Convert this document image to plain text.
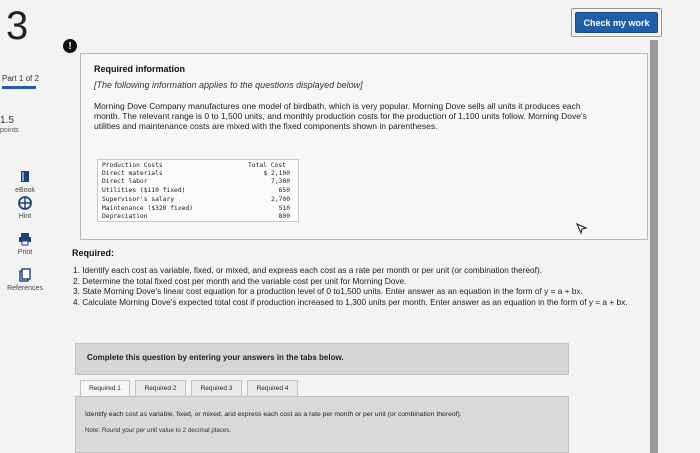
3
Part 1 of 2
1.5
points
eBook
Hint
Print
References
Check my work
!
Required information
[The following information applies to the questions displayed below]
Morning Dove Company manufactures one model of birdbath, which is very popular. Morning Dove sells all units it produces each month. The relevant range is 0 to 1,500 units, and monthly production costs for the production of 1,100 units follow. Morning Dove's utilities and maintenance costs are mixed with the fixed components shown in parentheses.
Production Costs	Total Cost
Direct materials	$ 2,100
Direct labor	7,300
Utilities ($110 fixed)	650
Supervisor's salary	2,700
Maintenance ($320 fixed)	510
Depreciation	800
Required:
1. Identify each cost as variable, fixed, or mixed, and express each cost as a rate per month or per unit (or combination thereof).
2. Determine the total fixed cost per month and the variable cost per unit for Morning Dove.
3. State Morning Dove's linear cost equation for a production level of 0 to1,500 units. Enter answer as an equation in the form of y = a + bx.
4. Calculate Morning Dove's expected total cost if production increased to 1,300 units per month. Enter answer as an equation in the form of y = a + bx.
Complete this question by entering your answers in the tabs below.
Required 1	Required 2	Required 3	Required 4
Identify each cost as variable, fixed, or mixed, and express each cost as a rate per month or per unit (or combination thereof).
Note: Round your per unit value to 2 decimal places.
